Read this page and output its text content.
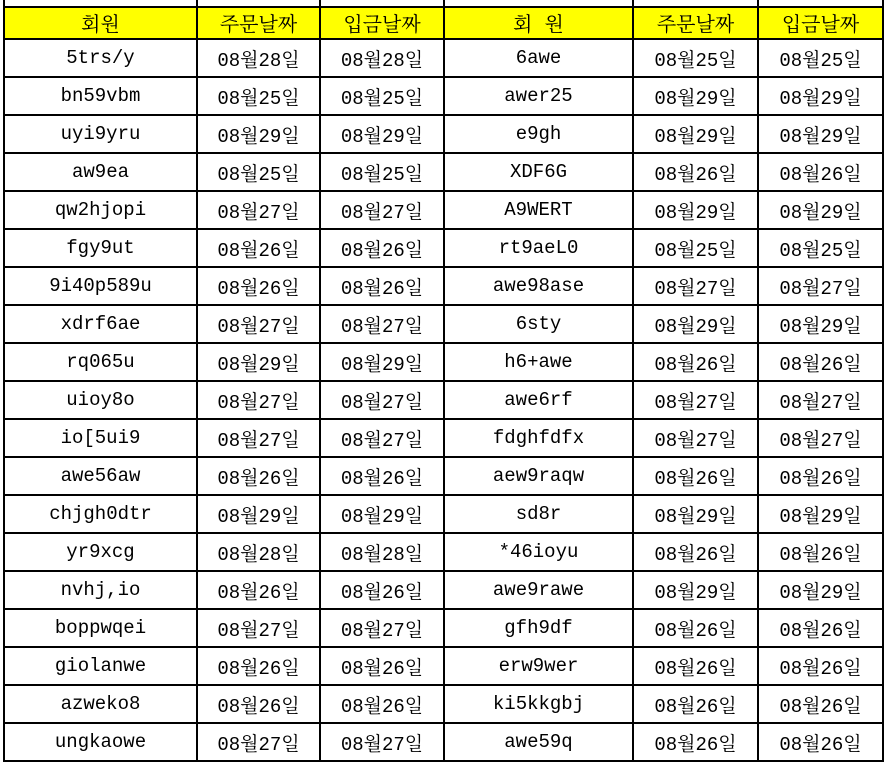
회원	주문날짜	입금날짜	회 원	주문날짜	입금날짜
5trs/y	08월28일	08월28일	6awe	08월25일	08월25일
bn59vbm	08월25일	08월25일	awer25	08월29일	08월29일
uyi9yru	08월29일	08월29일	e9gh	08월29일	08월29일
aw9ea	08월25일	08월25일	XDF6G	08월26일	08월26일
qw2hjopi	08월27일	08월27일	A9WERT	08월29일	08월29일
fgy9ut	08월26일	08월26일	rt9aeL0	08월25일	08월25일
9i40p589u	08월26일	08월26일	awe98ase	08월27일	08월27일
xdrf6ae	08월27일	08월27일	6sty	08월29일	08월29일
rq065u	08월29일	08월29일	h6+awe	08월26일	08월26일
uioy8o	08월27일	08월27일	awe6rf	08월27일	08월27일
io[5ui9	08월27일	08월27일	fdghfdfx	08월27일	08월27일
awe56aw	08월26일	08월26일	aew9raqw	08월26일	08월26일
chjgh0dtr	08월29일	08월29일	sd8r	08월29일	08월29일
yr9xcg	08월28일	08월28일	*46ioyu	08월26일	08월26일
nvhj,io	08월26일	08월26일	awe9rawe	08월29일	08월29일
boppwqei	08월27일	08월27일	gfh9df	08월26일	08월26일
giolanwe	08월26일	08월26일	erw9wer	08월26일	08월26일
azweko8	08월26일	08월26일	ki5kkgbj	08월26일	08월26일
ungkaowe	08월27일	08월27일	awe59q	08월26일	08월26일
